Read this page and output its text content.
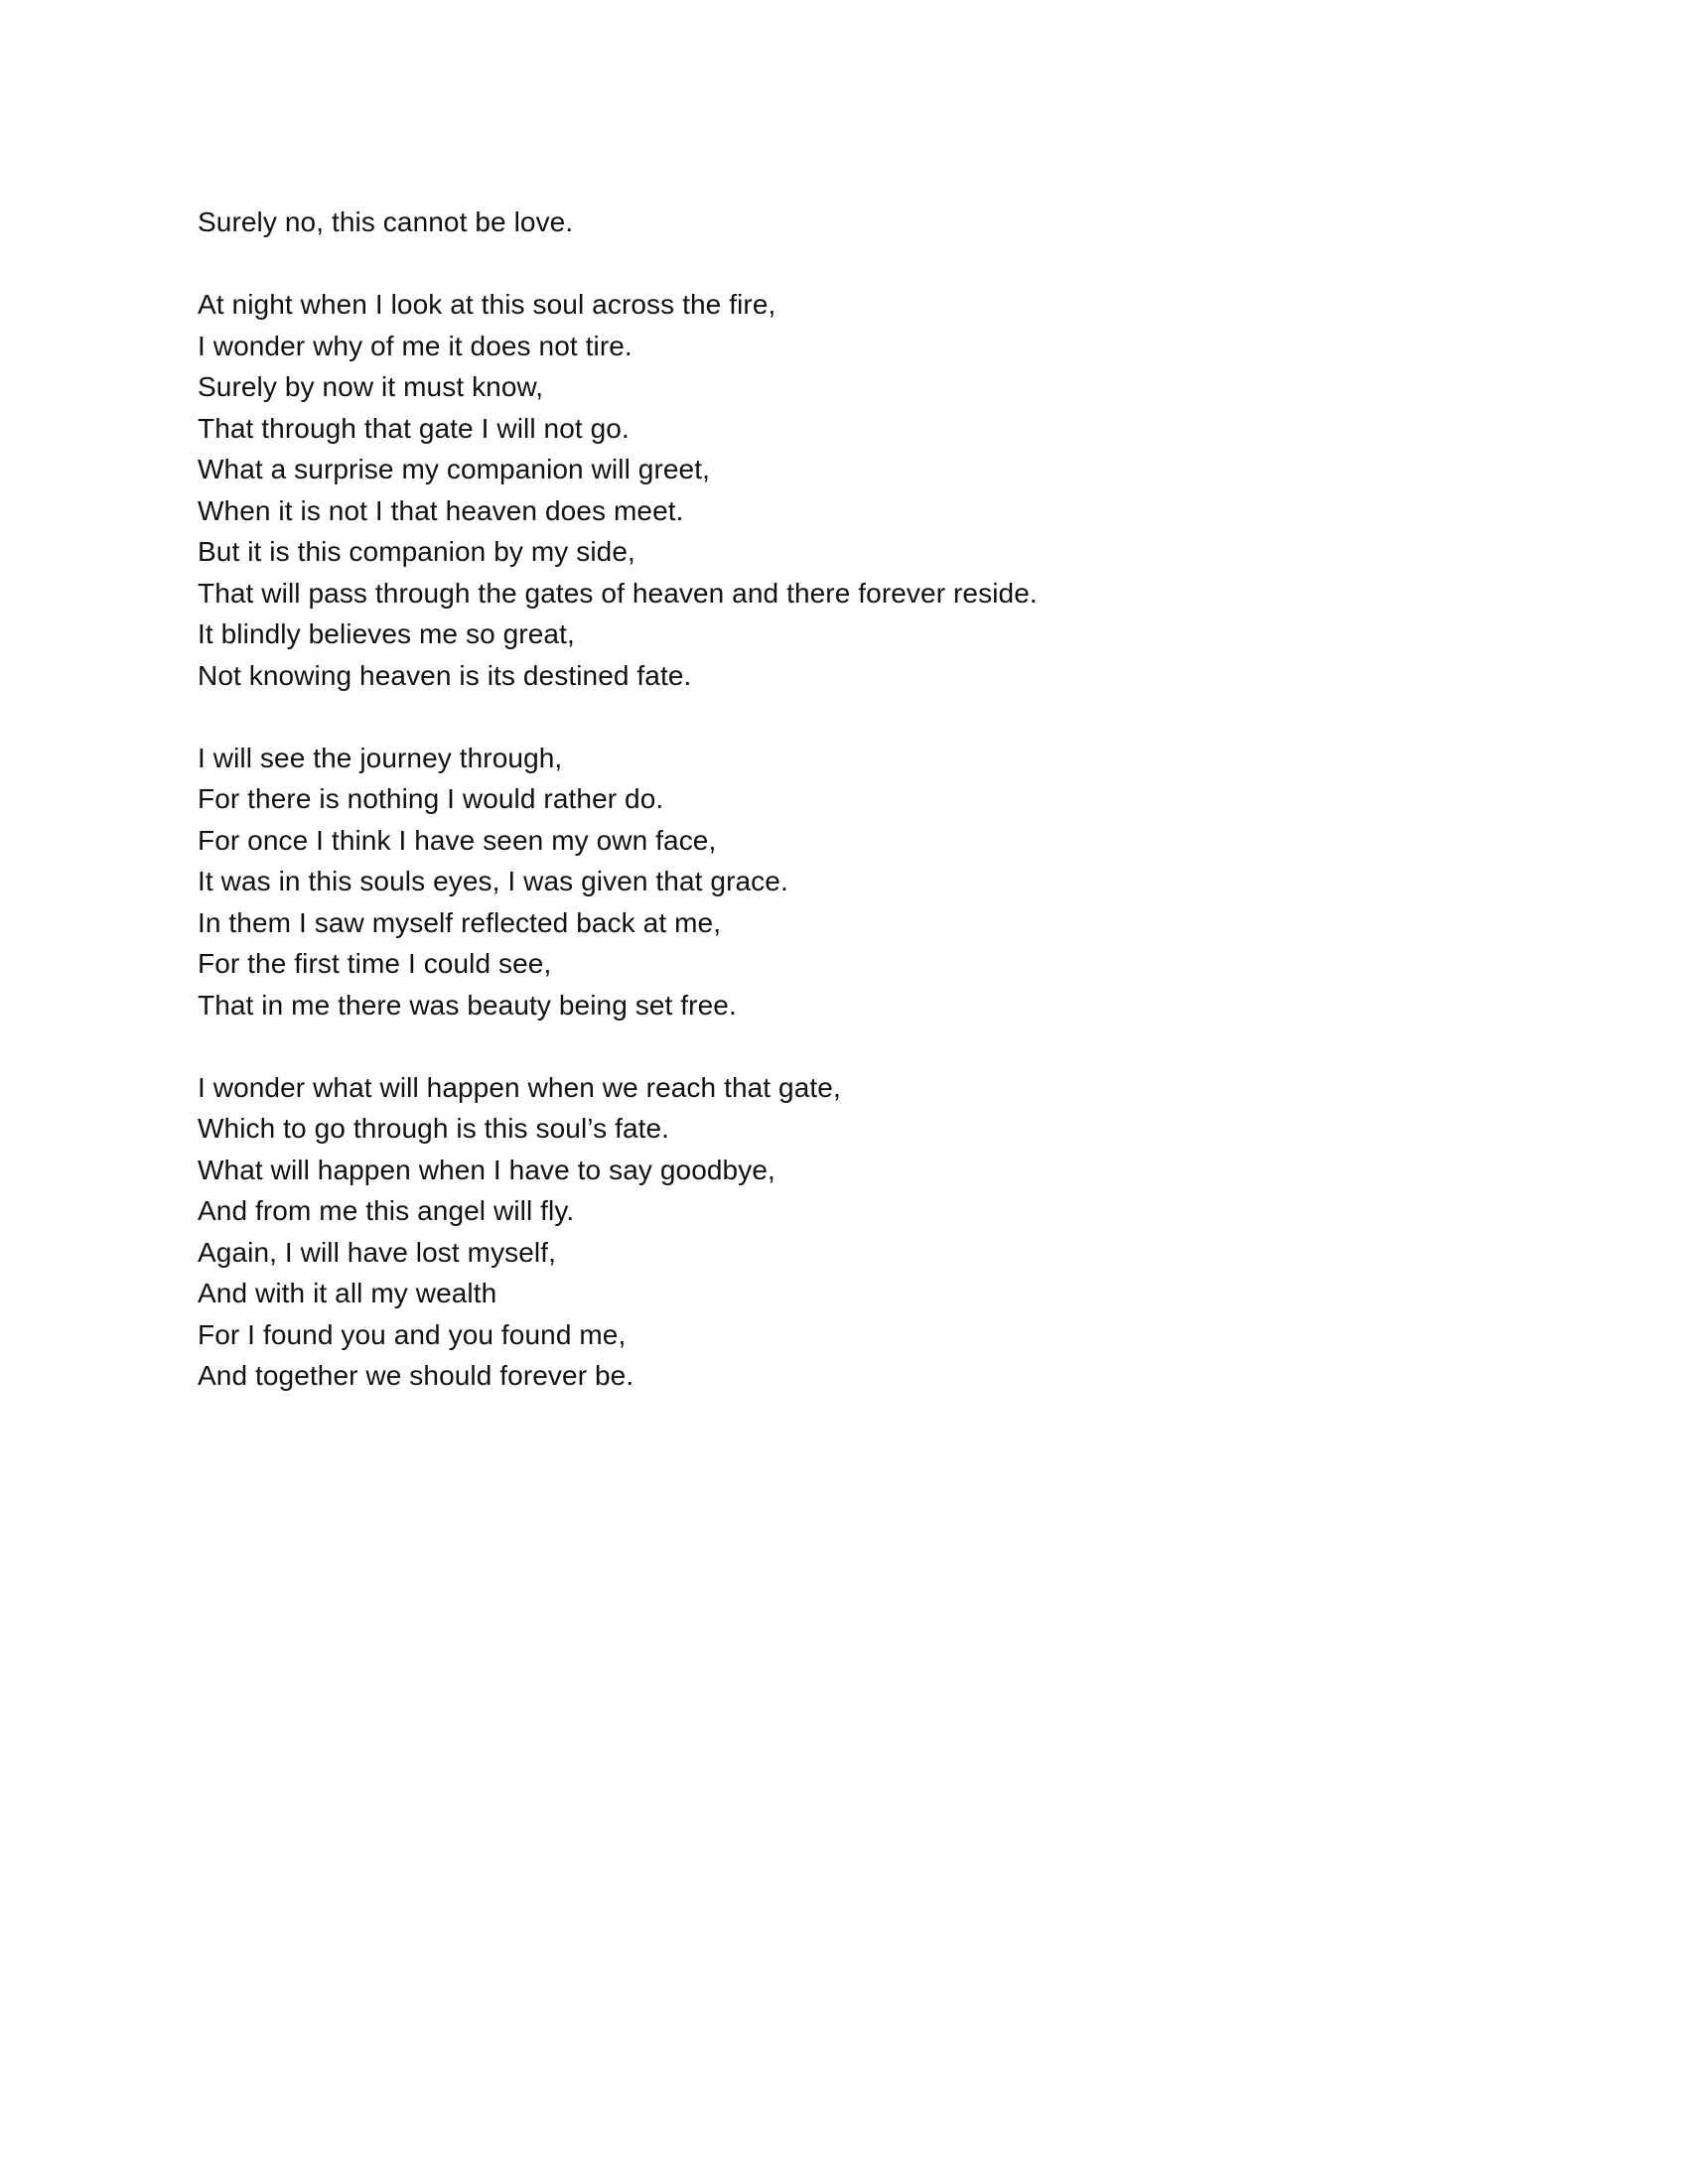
Surely no, this cannot be love.
At night when I look at this soul across the fire,
I wonder why of me it does not tire.
Surely by now it must know,
That through that gate I will not go.
What a surprise my companion will greet,
When it is not I that heaven does meet.
But it is this companion by my side,
That will pass through the gates of heaven and there forever reside.
It blindly believes me so great,
Not knowing heaven is its destined fate.
I will see the journey through,
For there is nothing I would rather do.
For once I think I have seen my own face,
It was in this souls eyes, I was given that grace.
In them I saw myself reflected back at me,
For the first time I could see,
That in me there was beauty being set free.
I wonder what will happen when we reach that gate,
Which to go through is this soul’s fate.
What will happen when I have to say goodbye,
And from me this angel will fly.
Again, I will have lost myself,
And with it all my wealth
For I found you and you found me,
And together we should forever be.
